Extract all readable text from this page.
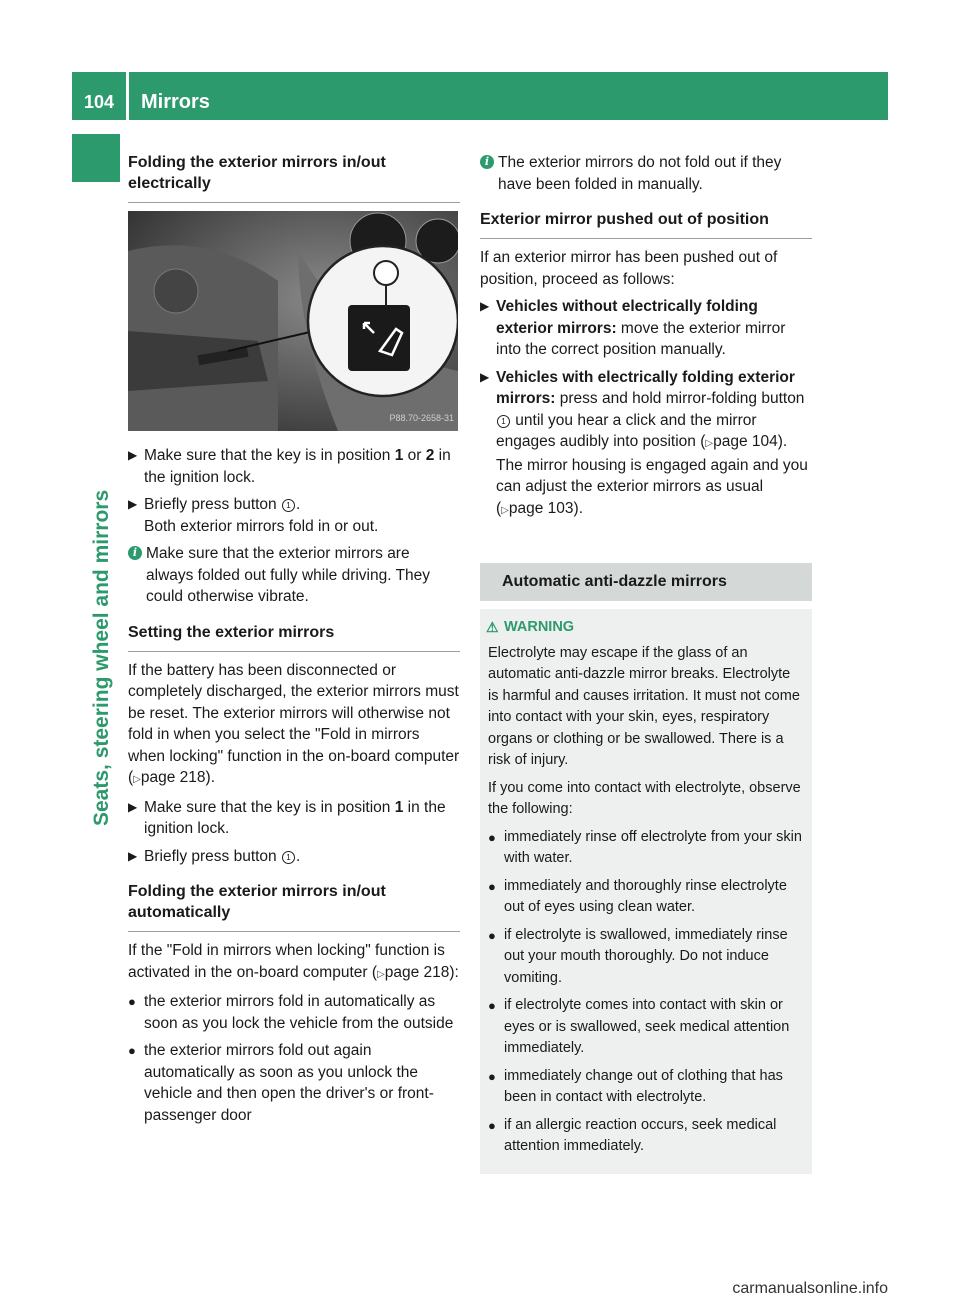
104	Mirrors
Seats, steering wheel and mirrors
Folding the exterior mirrors in/out electrically
P88.70-2658-31
▶ Make sure that the key is in position 1 or 2 in the ignition lock.
▶ Briefly press button 1 .
Both exterior mirrors fold in or out.
i Make sure that the exterior mirrors are always folded out fully while driving. They could otherwise vibrate.
Setting the exterior mirrors

If the battery has been disconnected or completely discharged, the exterior mirrors must be reset. The exterior mirrors will otherwise not fold in when you select the "Fold in mirrors when locking" function in the on-board computer (▷page 218).

▶ Make sure that the key is in position 1 in the ignition lock.
▶ Briefly press button 1 .
Folding the exterior mirrors in/out automatically

If the "Fold in mirrors when locking" function is activated in the on-board computer (▷page 218):

● the exterior mirrors fold in automatically as soon as you lock the vehicle from the outside
● the exterior mirrors fold out again automatically as soon as you unlock the vehicle and then open the driver's or front-passenger door
i The exterior mirrors do not fold out if they have been folded in manually.
Exterior mirror pushed out of position

If an exterior mirror has been pushed out of position, proceed as follows:

▶ Vehicles without electrically folding exterior mirrors: move the exterior mirror into the correct position manually.
▶ Vehicles with electrically folding exterior mirrors: press and hold mirror-folding button 1 until you hear a click and the mirror engages audibly into position (▷page 104).
The mirror housing is engaged again and you can adjust the exterior mirrors as usual (▷page 103).
Automatic anti-dazzle mirrors
⚠ WARNING

Electrolyte may escape if the glass of an automatic anti-dazzle mirror breaks. Electrolyte is harmful and causes irritation. It must not come into contact with your skin, eyes, respiratory organs or clothing or be swallowed. There is a risk of injury.

If you come into contact with electrolyte, observe the following:

● immediately rinse off electrolyte from your skin with water.
● immediately and thoroughly rinse electrolyte out of eyes using clean water.
● if electrolyte is swallowed, immediately rinse out your mouth thoroughly. Do not induce vomiting.
● if electrolyte comes into contact with skin or eyes or is swallowed, seek medical attention immediately.
● immediately change out of clothing that has been in contact with electrolyte.
● if an allergic reaction occurs, seek medical attention immediately.
carmanualsonline.info
